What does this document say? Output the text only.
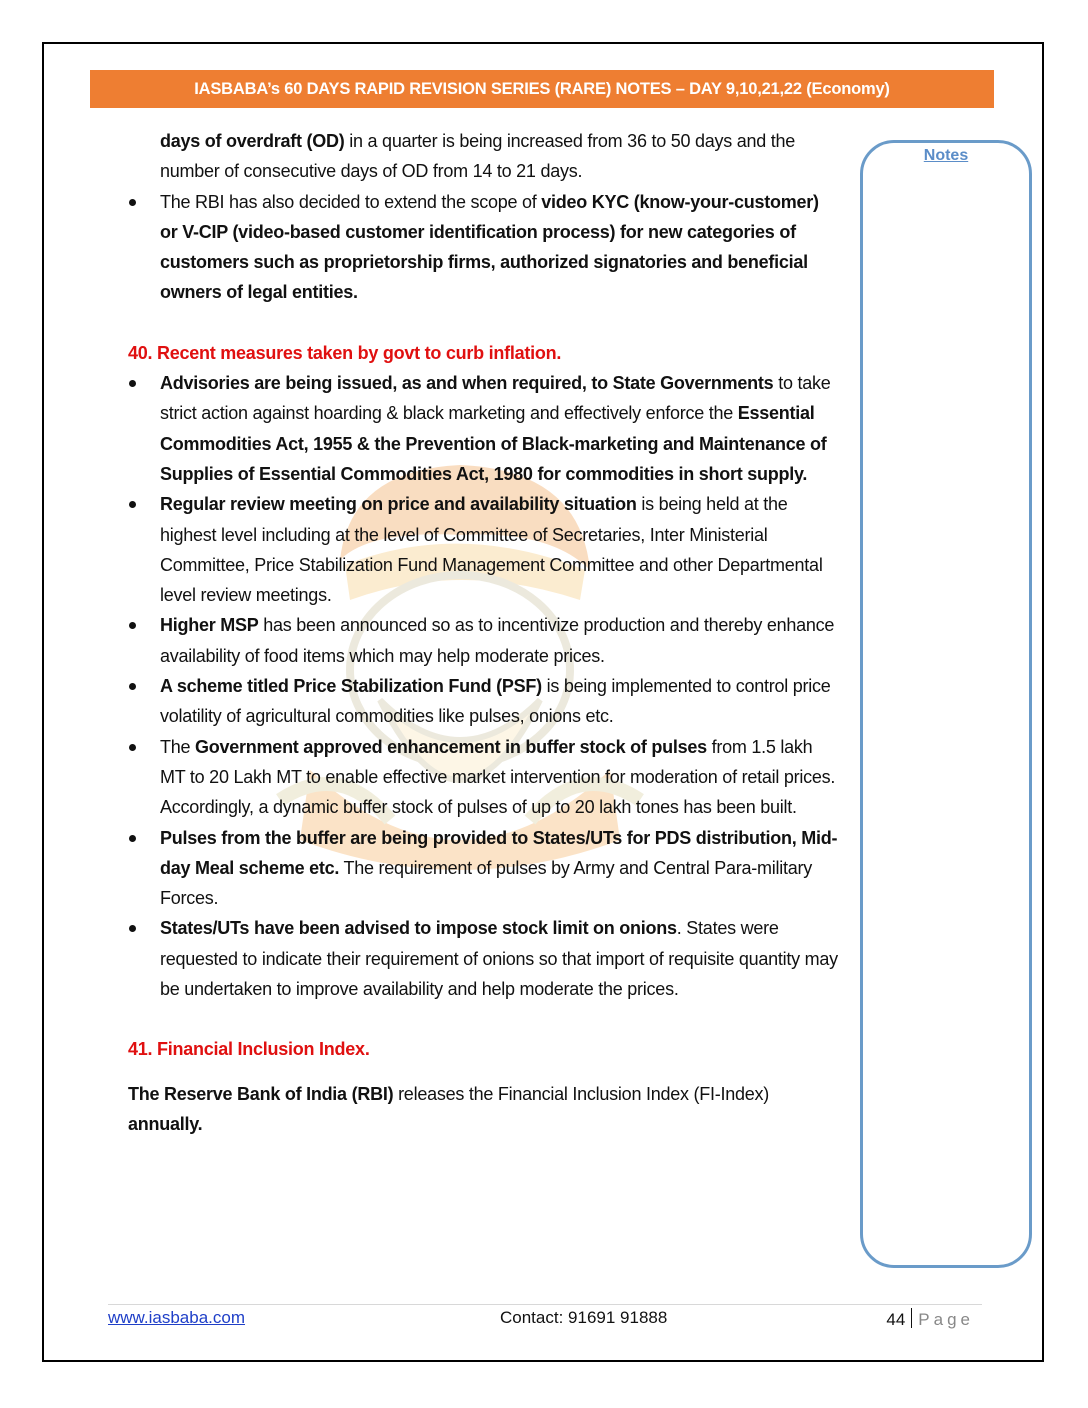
IASBABA’s 60 DAYS RAPID REVISION SERIES (RARE) NOTES – DAY 9,10,21,22 (Economy)
Notes

days of overdraft (OD) in a quarter is being increased from 36 to 50 days and the number of consecutive days of OD from 14 to 21 days.

The RBI has also decided to extend the scope of video KYC (know-your-customer) or V-CIP (video-based customer identification process) for new categories of customers such as proprietorship firms, authorized signatories and beneficial owners of legal entities.

40. Recent measures taken by govt to curb inflation.

Advisories are being issued, as and when required, to State Governments to take strict action against hoarding & black marketing and effectively enforce the Essential Commodities Act, 1955 & the Prevention of Black-marketing and Maintenance of Supplies of Essential Commodities Act, 1980 for commodities in short supply.
Regular review meeting on price and availability situation is being held at the highest level including at the level of Committee of Secretaries, Inter Ministerial Committee, Price Stabilization Fund Management Committee and other Departmental level review meetings.
Higher MSP has been announced so as to incentivize production and thereby enhance availability of food items which may help moderate prices.
A scheme titled Price Stabilization Fund (PSF) is being implemented to control price volatility of agricultural commodities like pulses, onions etc.
The Government approved enhancement in buffer stock of pulses from 1.5 lakh MT to 20 Lakh MT to enable effective market intervention for moderation of retail prices. Accordingly, a dynamic buffer stock of pulses of up to 20 lakh tones has been built.
Pulses from the buffer are being provided to States/UTs for PDS distribution, Mid-day Meal scheme etc. The requirement of pulses by Army and Central Para-military Forces.
States/UTs have been advised to impose stock limit on onions. States were requested to indicate their requirement of onions so that import of requisite quantity may be undertaken to improve availability and help moderate the prices.

41. Financial Inclusion Index.

The Reserve Bank of India (RBI) releases the Financial Inclusion Index (FI-Index) annually.

www.iasbaba.com	Contact: 91691 91888	44 Page
